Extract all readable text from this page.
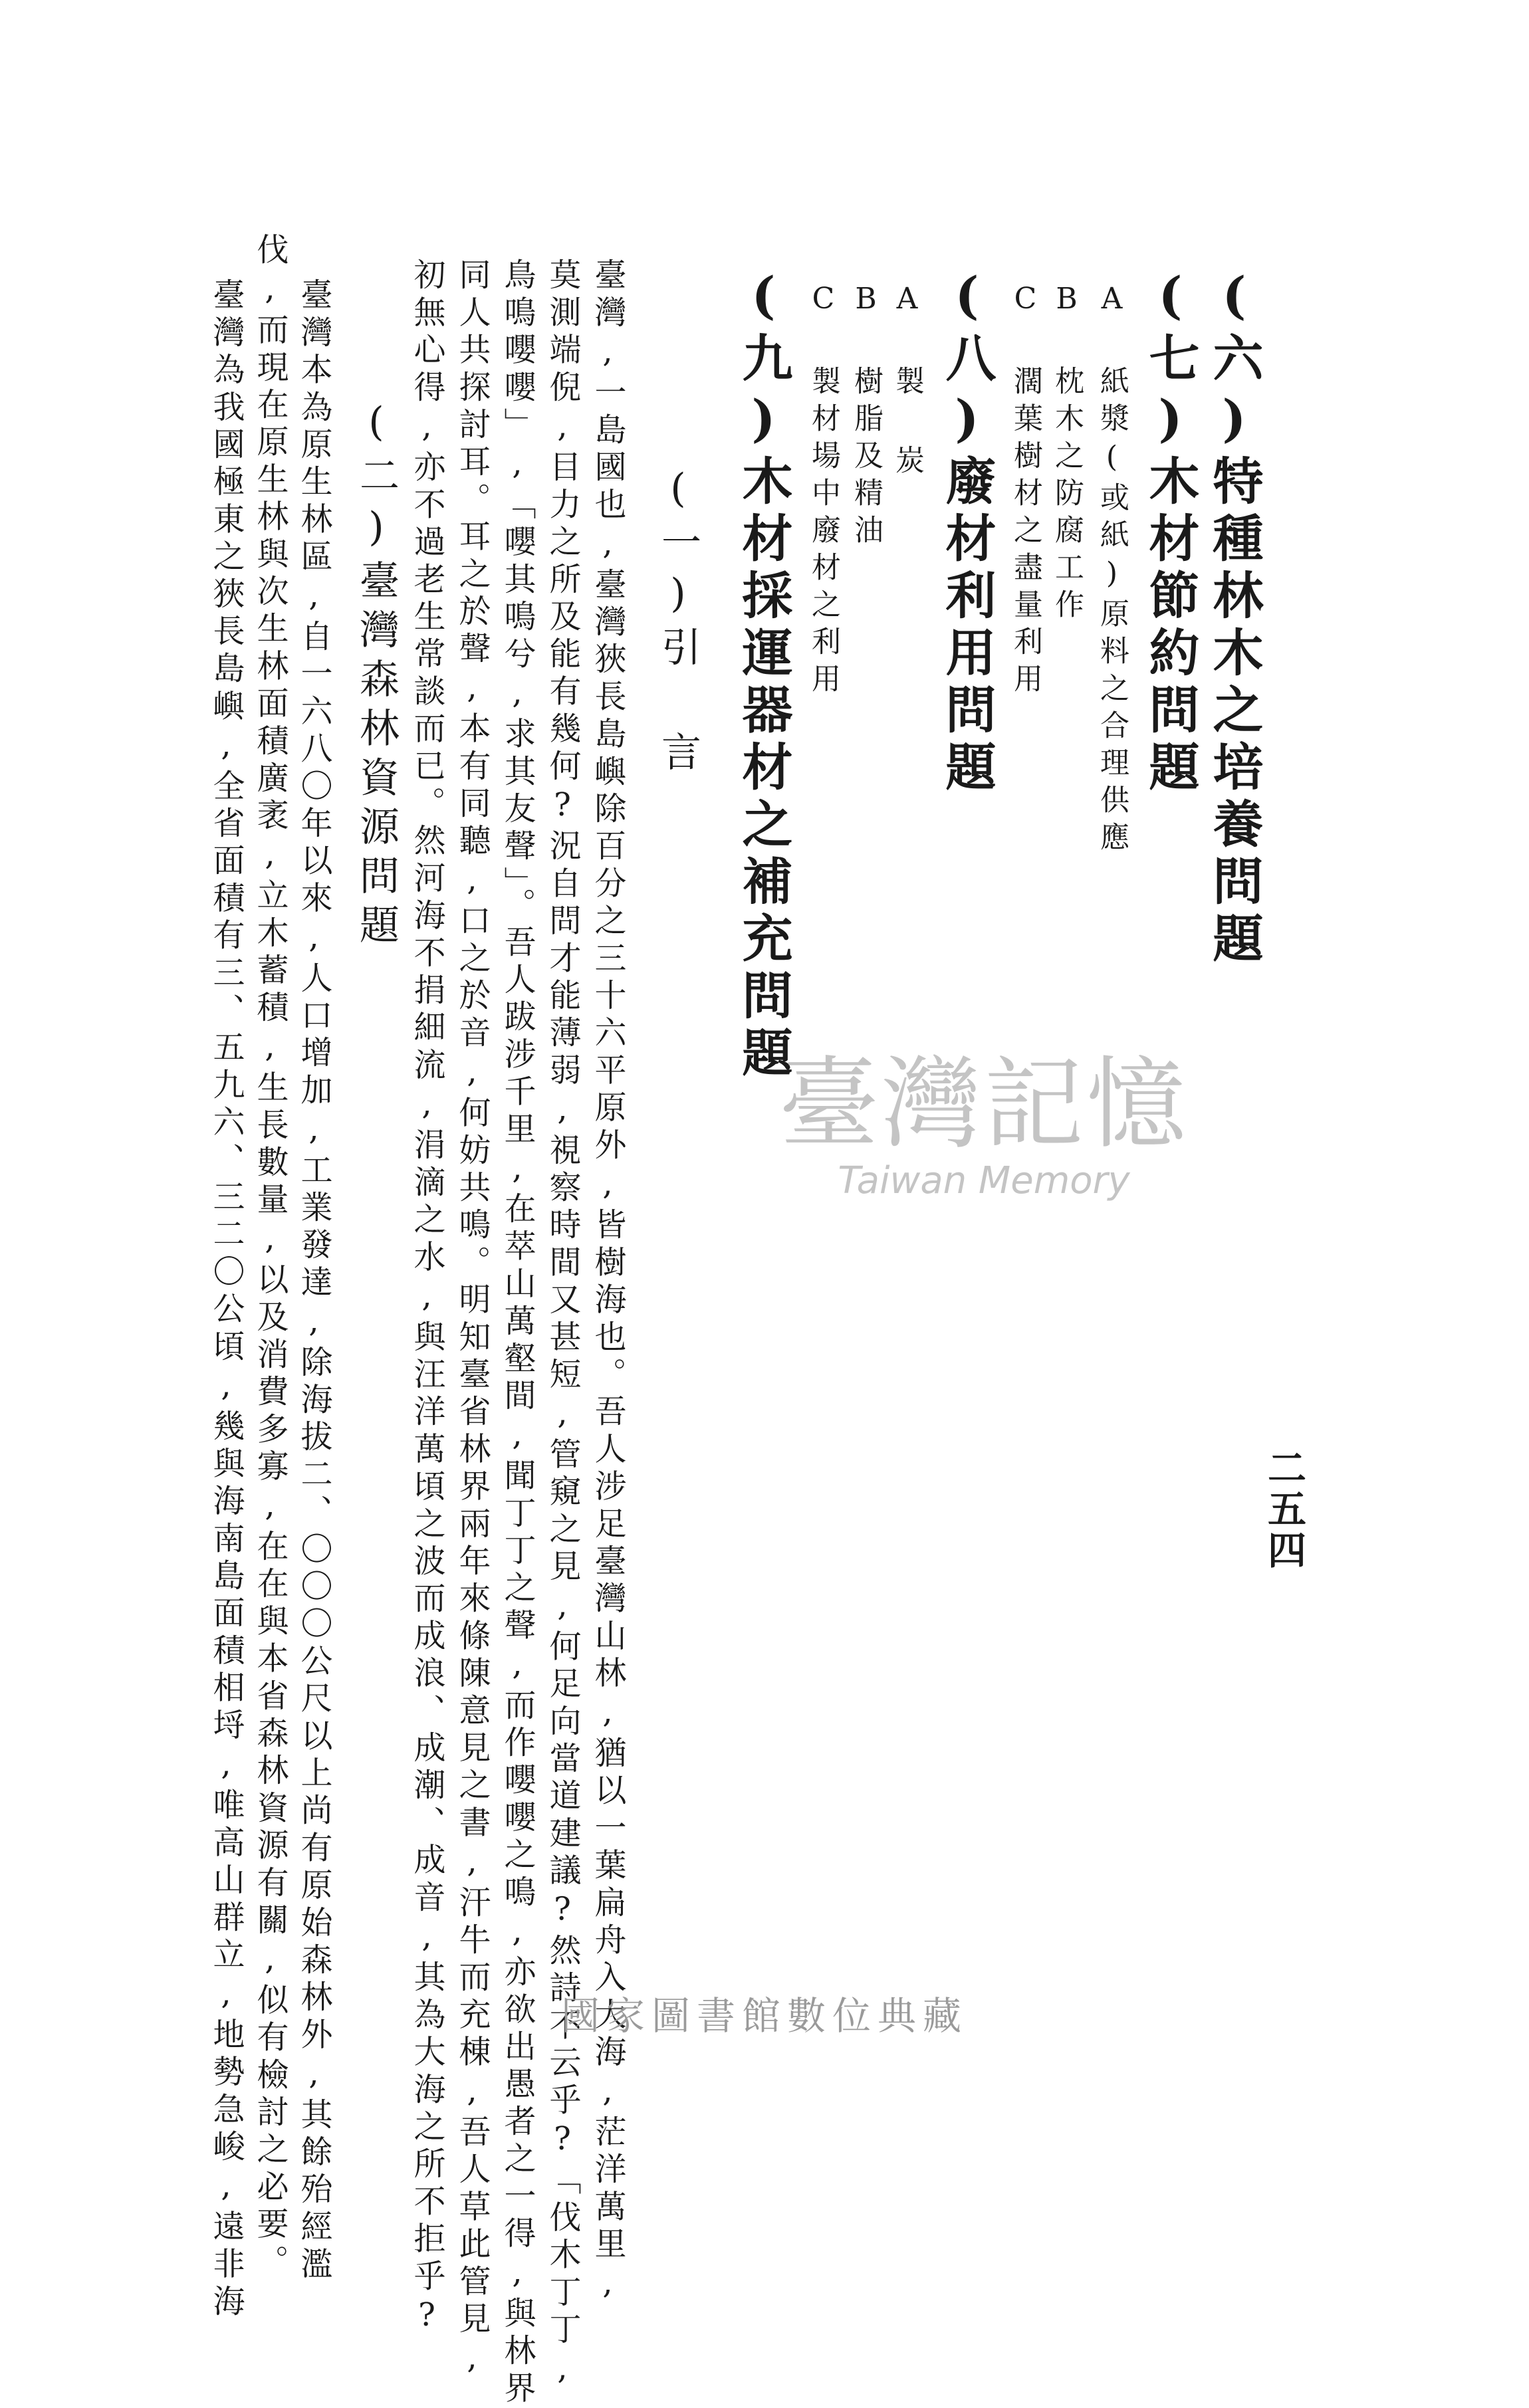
二五四
(六)特種林木之培養問題
(七)木材節約問題
A 紙漿(或紙)原料之合理供應
B 枕木之防腐工作
C 濶葉樹材之盡量利用
(八)廢材利用問題
A 製 炭
B 樹脂及精油
C 製材場中廢材之利用
(九)木材採運器材之補充問題
(一)引 言
臺灣,一島國也,臺灣狹長島嶼除百分之三十六平原外,皆樹海也。吾人涉足臺灣山林,猶以一葉扁舟入大海,茫洋萬里,
莫測端倪,目力之所及能有幾何?況自問才能薄弱,視察時間又甚短,管窺之見,何足向當道建議?然詩不云乎?「伐木丁丁,
鳥鳴嚶嚶」,「嚶其鳴兮,求其友聲」。吾人跋涉千里,在萃山萬壑間,聞丁丁之聲,而作嚶嚶之鳴,亦欲出愚者之一得,與林界
同人共探討耳。耳之於聲,本有同聽,口之於音,何妨共鳴。明知臺省林界兩年來條陳意見之書,汗牛而充棟,吾人草此管見,
初無心得,亦不過老生常談而已。然河海不捐細流,涓滴之水,與汪洋萬頃之波而成浪、成潮、成音,其為大海之所不拒乎?
(二)臺灣森林資源問題
臺灣本為原生林區,自一六八〇年以來,人口增加,工業發達,除海拔二、〇〇〇公尺以上尚有原始森林外,其餘殆經濫
伐,而現在原生林與次生林面積廣袤,立木蓄積,生長數量,以及消費多寡,在在與本省森林資源有關,似有檢討之必要。
臺灣為我國極東之狹長島嶼,全省面積有三、五九六、三二〇公頃,幾與海南島面積相埒,唯高山群立,地勢急峻,遠非海	臺灣記憶
Taiwan Memory
國家圖書館數位典藏
